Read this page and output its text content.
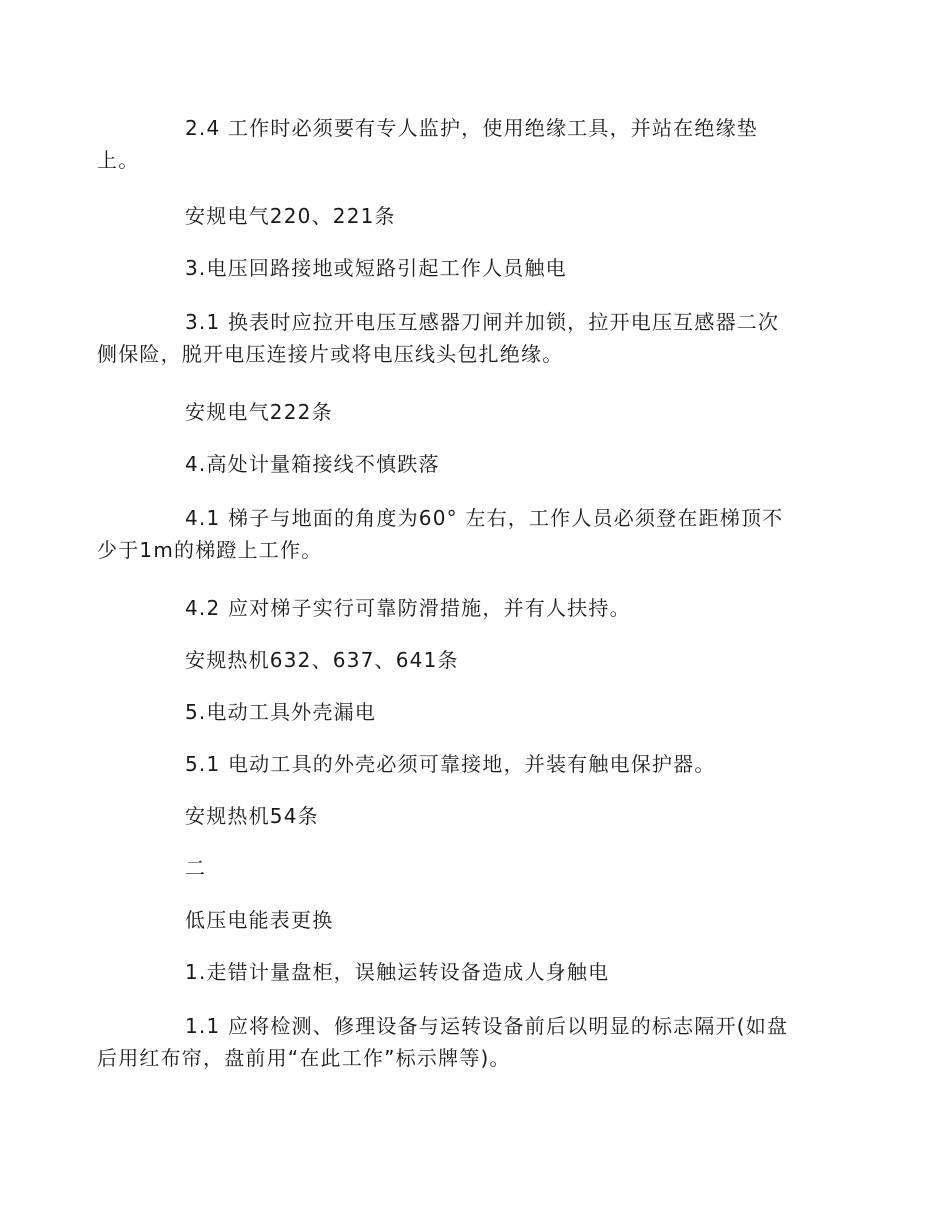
2.4 工作时必须要有专人监护，使用绝缘工具，并站在绝缘垫
上。

安规电气220、221条

3.电压回路接地或短路引起工作人员触电

3.1 换表时应拉开电压互感器刀闸并加锁，拉开电压互感器二次
侧保险，脱开电压连接片或将电压线头包扎绝缘。

安规电气222条

4.高处计量箱接线不慎跌落

4.1 梯子与地面的角度为60° 左右，工作人员必须登在距梯顶不
少于1m的梯蹬上工作。

4.2 应对梯子实行可靠防滑措施，并有人扶持。

安规热机632、637、641条

5.电动工具外壳漏电

5.1 电动工具的外壳必须可靠接地，并装有触电保护器。

安规热机54条

二

低压电能表更换

1.走错计量盘柜，误触运转设备造成人身触电

1.1 应将检测、修理设备与运转设备前后以明显的标志隔开(如盘
后用红布帘，盘前用“在此工作”标示牌等)。
